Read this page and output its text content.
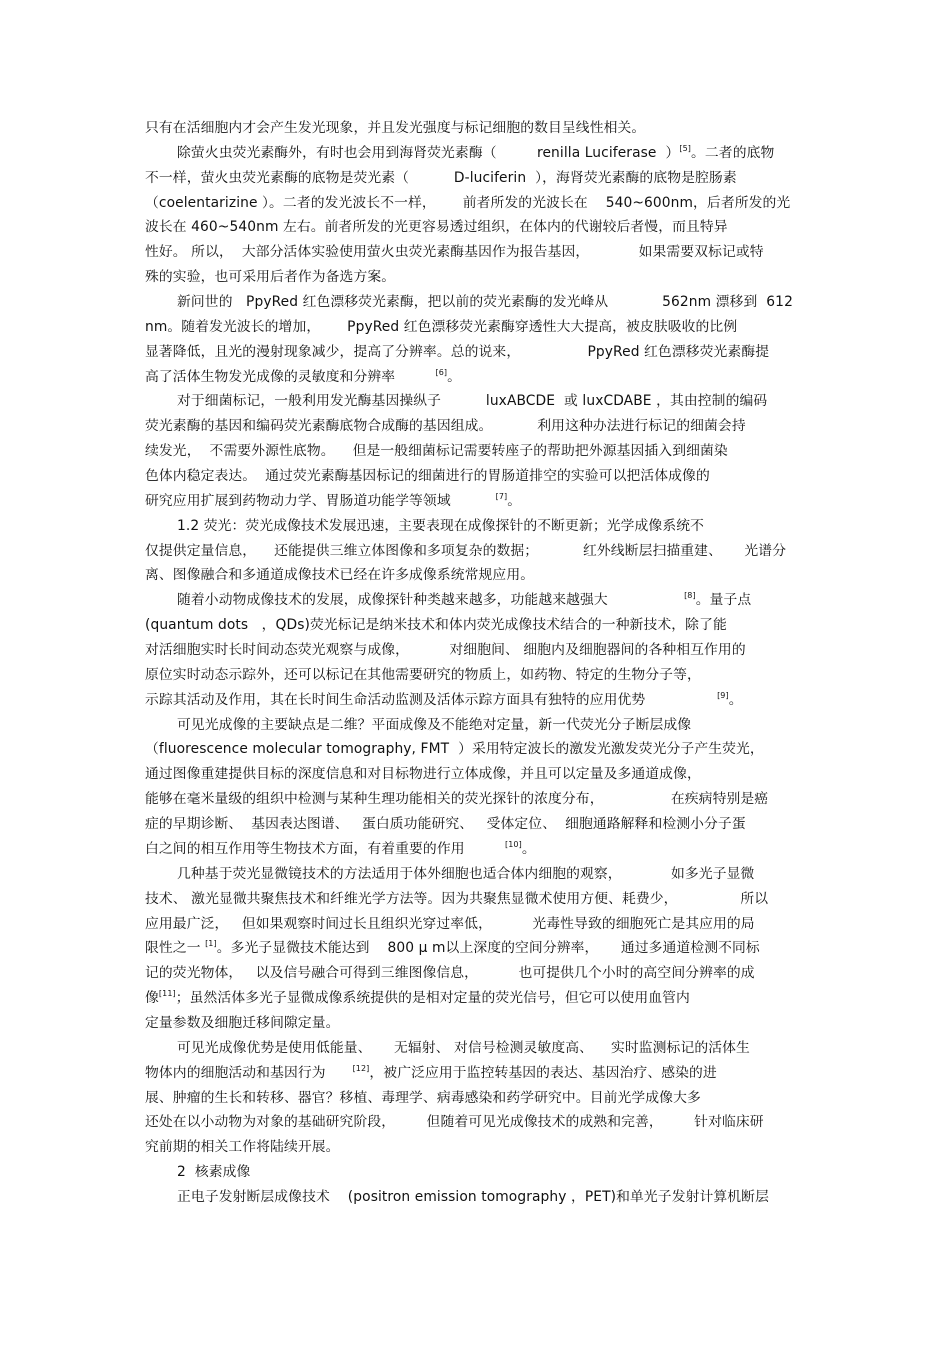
只有在活细胞内才会产生发光现象，并且发光强度与标记细胞的数目呈线性相关。
除萤火虫荧光素酶外，有时也会用到海肾荧光素酶（         renilla Luciferase  ）[5]。二者的底物
不一样，萤火虫荧光素酶的底物是荧光素（          D-luciferin  ），海肾荧光素酶的底物是腔肠素
（coelentarizine ）。二者的发光波长不一样，      前者所发的光波长在    540~600nm，后者所发的光
波长在 460~540nm 左右。前者所发的光更容易透过组织，在体内的代谢较后者慢，而且特异
性好。 所以，  大部分活体实验使用萤火虫荧光素酶基因作为报告基因，           如果需要双标记或特
殊的实验，也可采用后者作为备选方案。
新问世的   PpyRed 红色漂移荧光素酶，把以前的荧光素酶的发光峰从            562nm 漂移到  612
nm。随着发光波长的增加，      PpyRed 红色漂移荧光素酶穿透性大大提高，被皮肤吸收的比例
显著降低，且光的漫射现象减少，提高了分辨率。总的说来，               PpyRed 红色漂移荧光素酶提
高了活体生物发光成像的灵敏度和分辨率         [6]。
对于细菌标记，一般利用发光酶基因操纵子          luxABCDE  或 luxCDABE ，其由控制的编码
荧光素酶的基因和编码荧光素酶底物合成酶的基因组成。          利用这种办法进行标记的细菌会持
续发光，  不需要外源性底物。    但是一般细菌标记需要转座子的帮助把外源基因插入到细菌染
色体内稳定表达。  通过荧光素酶基因标记的细菌进行的胃肠道排空的实验可以把活体成像的
研究应用扩展到药物动力学、胃肠道功能学等领域          [7]。
1.2 荧光：荧光成像技术发展迅速，主要表现在成像探针的不断更新；光学成像系统不
仅提供定量信息，    还能提供三维立体图像和多项复杂的数据；          红外线断层扫描重建、     光谱分
离、图像融合和多通道成像技术已经在许多成像系统常规应用。
随着小动物成像技术的发展，成像探针种类越来越多，功能越来越强大                 [8]。量子点
(quantum dots   ，QDs)荧光标记是纳米技术和体内荧光成像技术结合的一种新技术，除了能
对活细胞实时长时间动态荧光观察与成像，         对细胞间、 细胞内及细胞器间的各种相互作用的
原位实时动态示踪外，还可以标记在其他需要研究的物质上，如药物、特定的生物分子等，
示踪其活动及作用，其在长时间生命活动监测及活体示踪方面具有独特的应用优势                [9]。
可见光成像的主要缺点是二维？平面成像及不能绝对定量，新一代荧光分子断层成像
（fluorescence molecular tomography, FMT  ）采用特定波长的激发光激发荧光分子产生荧光，
通过图像重建提供目标的深度信息和对目标物进行立体成像，并且可以定量及多通道成像，
能够在毫米量级的组织中检测与某种生理功能相关的荧光探针的浓度分布，               在疾病特别是癌
症的早期诊断、  基因表达图谱、   蛋白质功能研究、   受体定位、  细胞通路解释和检测小分子蛋
白之间的相互作用等生物技术方面，有着重要的作用         [10]。
几种基于荧光显微镜技术的方法适用于体外细胞也适合体内细胞的观察，           如多光子显微
技术、 激光显微共聚焦技术和纤维光学方法等。因为共聚焦显微术使用方便、耗费少，              所以
应用最广泛，   但如果观察时间过长且组织光穿过率低，         光毒性导致的细胞死亡是其应用的局
限性之一 [1]。多光子显微技术能达到    800 μ m以上深度的空间分辨率，     通过多通道检测不同标
记的荧光物体，   以及信号融合可得到三维图像信息，         也可提供几个小时的高空间分辨率的成
像[11]；虽然活体多光子显微成像系统提供的是相对定量的荧光信号，但它可以使用血管内
定量参数及细胞迁移间隙定量。
可见光成像优势是使用低能量、     无辐射、 对信号检测灵敏度高、    实时监测标记的活体生
物体内的细胞活动和基因行为      [12]，被广泛应用于监控转基因的表达、基因治疗、感染的进
展、肿瘤的生长和转移、器官？移植、毒理学、病毒感染和药学研究中。目前光学成像大多
还处在以小动物为对象的基础研究阶段，       但随着可见光成像技术的成熟和完善，       针对临床研
究前期的相关工作将陆续开展。
2  核素成像
正电子发射断层成像技术    (positron emission tomography ，PET)和单光子发射计算机断层
